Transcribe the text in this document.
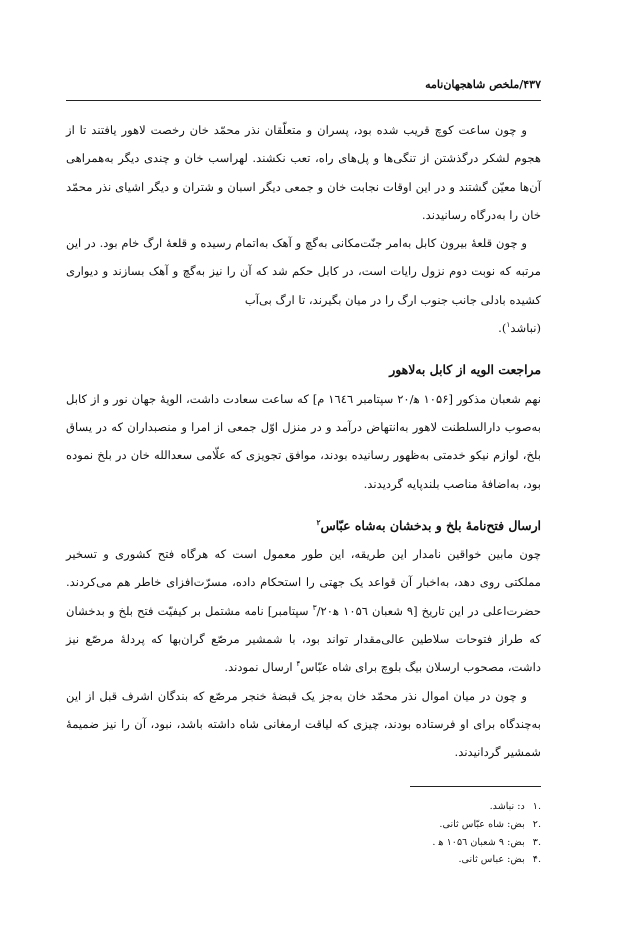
۴۳۷/ملخص شاهجهان‌نامه

و چون ساعت کوچ قریب شده بود، پسران و متعلّقان نذر محمّد خان رخصت لاهور یافتند تا از هجوم لشکر درگذشتن از تنگی‌ها و پل‌های راه، تعب نکشند. لهراسب خان و چندی دیگر به‌همراهی آن‌ها معیّن گشتند و در این اوقات نجابت خان و جمعی دیگر اسبان و شتران و دیگر اشیای نذر محمّد خان را به‌درگاه رسانیدند.

و چون قلعهٔ بیرون کابل به‌امر جنّت‌مکانی به‌گچ و آهک به‌اتمام رسیده و قلعهٔ ارگ خام بود. در این مرتبه که نوبت دوم نزول رایات است، در کابل حکم شد که آن را نیز به‌گچ و آهک بسازند و دیواری کشیده بادلی جانب جنوب ارگ را در میان بگیرند، تا ارگ بی‌آب
(نباشد$^۱$).

مراجعت الویه از کابل به‌لاهور

نهم شعبان مذکور [۱۰۵۶ ه‍/۲۰ سپتامبر ۱٦٤٦ م] که ساعت سعادت داشت، الویهٔ جهان نور و از کابل به‌صوب دارالسلطنت لاهور به‌انتهاض درآمد و در منزل اوّل جمعی از امرا و منصبداران که در یساق بلخ، لوازم نیکو خدمتی به‌ظهور رسانیده بودند، موافق تجویزی که علّامی سعدالله خان در بلخ نموده بود، به‌اضافهٔ مناصب بلندپایه گردیدند.

ارسال فتح‌نامهٔ بلخ و بدخشان به‌شاه عبّاس$^۲$

چون مابین خواقین نامدار این طریقه، این طور معمول است که هرگاه فتح کشوری و تسخیر مملکتی روی دهد، به‌اخبار آن قواعد یک جهتی را استحکام داده، مسرّت‌افزای خاطر هم می‌کردند. حضرت‌اعلی در این تاریخ [۹ شعبان ۱۰۵٦ ه‍$^۳$/۲۰ سپتامبر] نامه مشتمل بر کیفیّت فتح بلخ و بدخشان که طراز فتوحات سلاطین عالی‌مقدار تواند بود، با شمشیر مرصّع گران‌بها که پردلهٔ مرصّع نیز داشت، مصحوب ارسلان بیگ بلوچ برای شاه عبّاس$^۴$ ارسال نمودند.

و چون در میان اموال نذر محمّد خان به‌جز یک قبضهٔ خنجر مرصّع که بندگان اشرف قبل از این به‌چندگاه برای او فرستاده بودند، چیزی که لیاقت ارمغانی شاه داشته باشد، نبود، آن را نیز ضمیمهٔ شمشیر گردانیدند.

.۱د: نباشد.
.۲بض: شاه عبّاس ثانی.
.۳بض: ۹ شعبان ۱۰۵٦ ه‍ .
.۴بض: عباس ثانی.
